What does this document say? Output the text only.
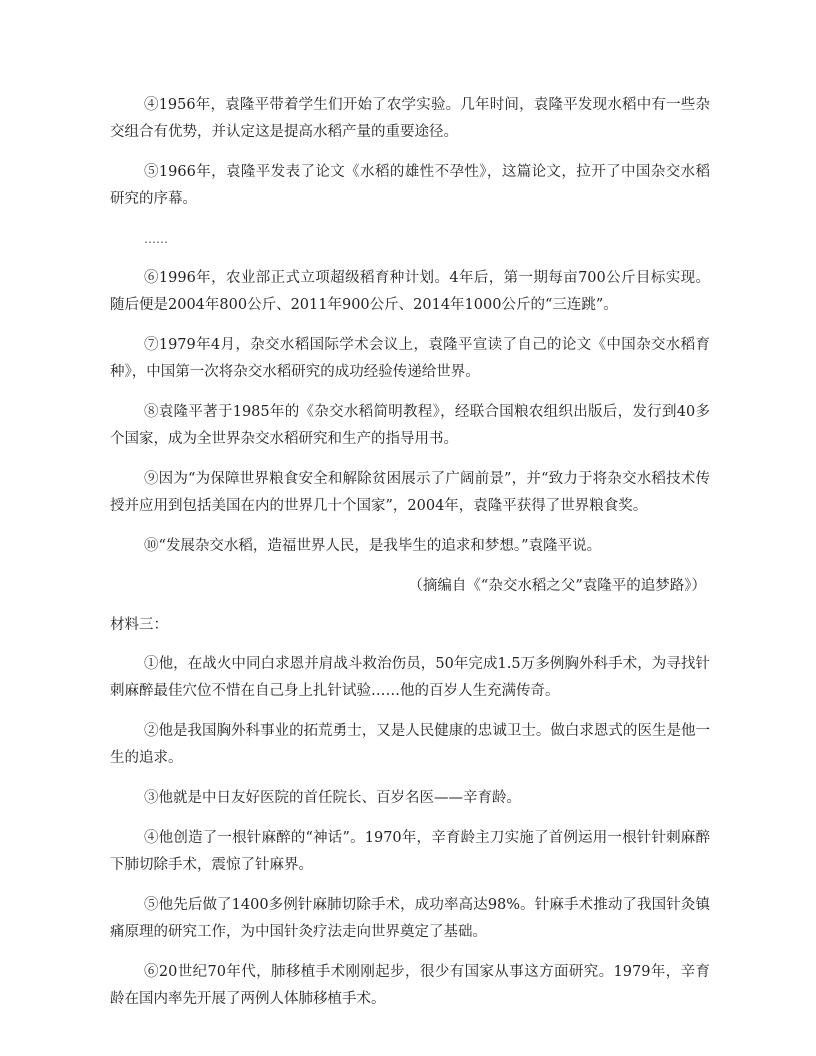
④1956年，袁隆平带着学生们开始了农学实验。几年时间，袁隆平发现水稻中有一些杂交组合有优势，并认定这是提高水稻产量的重要途径。

⑤1966年，袁隆平发表了论文《水稻的雄性不孕性》，这篇论文，拉开了中国杂交水稻研究的序幕。

……

⑥1996年，农业部正式立项超级稻育种计划。4年后，第一期每亩700公斤目标实现。随后便是2004年800公斤、2011年900公斤、2014年1000公斤的“三连跳”。

⑦1979年4月，杂交水稻国际学术会议上，袁隆平宣读了自己的论文《中国杂交水稻育种》，中国第一次将杂交水稻研究的成功经验传递给世界。

⑧袁隆平著于1985年的《杂交水稻简明教程》，经联合国粮农组织出版后，发行到40多个国家，成为全世界杂交水稻研究和生产的指导用书。

⑨因为“为保障世界粮食安全和解除贫困展示了广阔前景”，并“致力于将杂交水稻技术传授并应用到包括美国在内的世界几十个国家”，2004年，袁隆平获得了世界粮食奖。

⑩“发展杂交水稻，造福世界人民，是我毕生的追求和梦想。”袁隆平说。

（摘编自《“杂交水稻之父”袁隆平的追梦路》）

材料三：

①他，在战火中同白求恩并肩战斗救治伤员，50年完成1.5万多例胸外科手术，为寻找针刺麻醉最佳穴位不惜在自己身上扎针试验……他的百岁人生充满传奇。

②他是我国胸外科事业的拓荒勇士，又是人民健康的忠诚卫士。做白求恩式的医生是他一生的追求。

③他就是中日友好医院的首任院长、百岁名医——辛育龄。

④他创造了一根针麻醉的“神话”。1970年，辛育龄主刀实施了首例运用一根针针刺麻醉下肺切除手术，震惊了针麻界。

⑤他先后做了1400多例针麻肺切除手术，成功率高达98%。针麻手术推动了我国针灸镇痛原理的研究工作，为中国针灸疗法走向世界奠定了基础。

⑥20世纪70年代，肺移植手术刚刚起步，很少有国家从事这方面研究。1979年，辛育龄在国内率先开展了两例人体肺移植手术。
